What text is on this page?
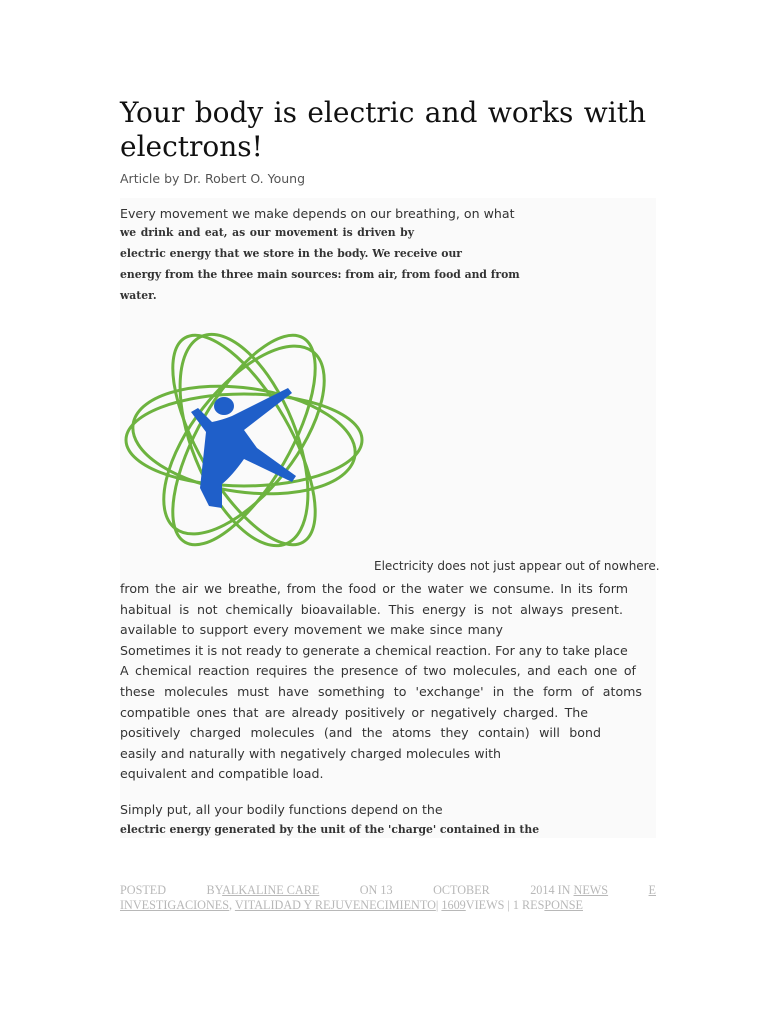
Your body is electric and works with electrons!
Article by Dr. Robert O. Young
Every movement we make depends on our breathing, on what
we drink and eat, as our movement is driven by
electric energy that we store in the body. We receive our
energy from the three main sources: from air, from food and from
water.
Electricity does not just appear out of nowhere.
from the air we breathe, from the food or the water we consume. In its form
habitual is not chemically bioavailable. This energy is not always present.
available to support every movement we make since many
Sometimes it is not ready to generate a chemical reaction. For any to take place
A chemical reaction requires the presence of two molecules, and each one of
these molecules must have something to 'exchange' in the form of atoms
compatible ones that are already positively or negatively charged. The
positively charged molecules (and the atoms they contain) will bond
easily and naturally with negatively charged molecules with
equivalent and compatible load.
Simply put, all your bodily functions depend on the
electric energy generated by the unit of the 'charge' contained in the
POSTED	BYALKALINE CARE	ON 13	OCTOBER	2014 IN NEWS	E
INVESTIGACIONES, VITALIDAD Y REJUVENECIMIENTO| 1609VIEWS | 1 RESPONSE
